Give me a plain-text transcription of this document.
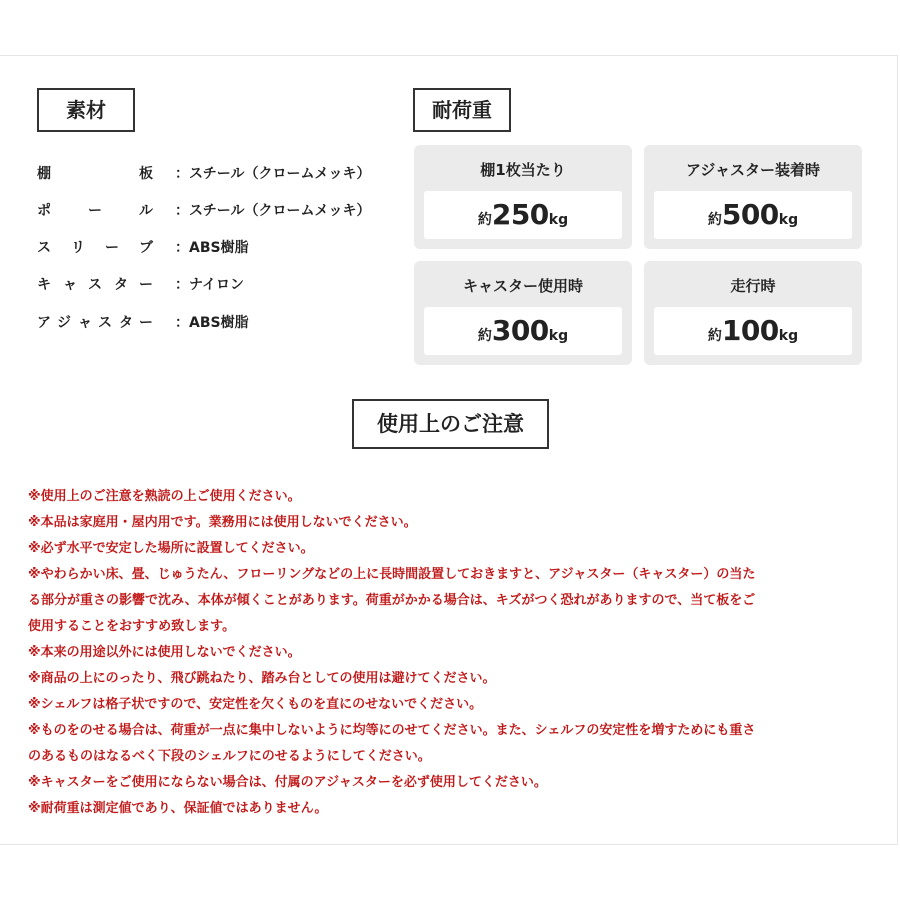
素材	耐荷重
棚	板 ：スチール（クロームメッキ）
ポ	ー	ル ：スチール（クロームメッキ）
ス リ ー ブ ：ABS樹脂
キ ャ ス タ ー ：ナイロン
ア ジ ャ ス タ ー ：ABS樹脂
棚1枚当たり
約250kg
アジャスター装着時
約500kg
キャスター使用時
約300kg
走行時
約100kg
使用上のご注意
※使用上のご注意を熟読の上ご使用ください。
※本品は家庭用・屋内用です。業務用には使用しないでください。
※必ず水平で安定した場所に設置してください。
※やわらかい床、畳、じゅうたん、フローリングなどの上に長時間設置しておきますと、アジャスター（キャスター）の当た
る部分が重さの影響で沈み、本体が傾くことがあります。荷重がかかる場合は、キズがつく恐れがありますので、当て板をご
使用することをおすすめ致します。
※本来の用途以外には使用しないでください。
※商品の上にのったり、飛び跳ねたり、踏み台としての使用は避けてください。
※シェルフは格子状ですので、安定性を欠くものを直にのせないでください。
※ものをのせる場合は、荷重が一点に集中しないように均等にのせてください。また、シェルフの安定性を増すためにも重さ
のあるものはなるべく下段のシェルフにのせるようにしてください。
※キャスターをご使用にならない場合は、付属のアジャスターを必ず使用してください。
※耐荷重は測定値であり、保証値ではありません。
